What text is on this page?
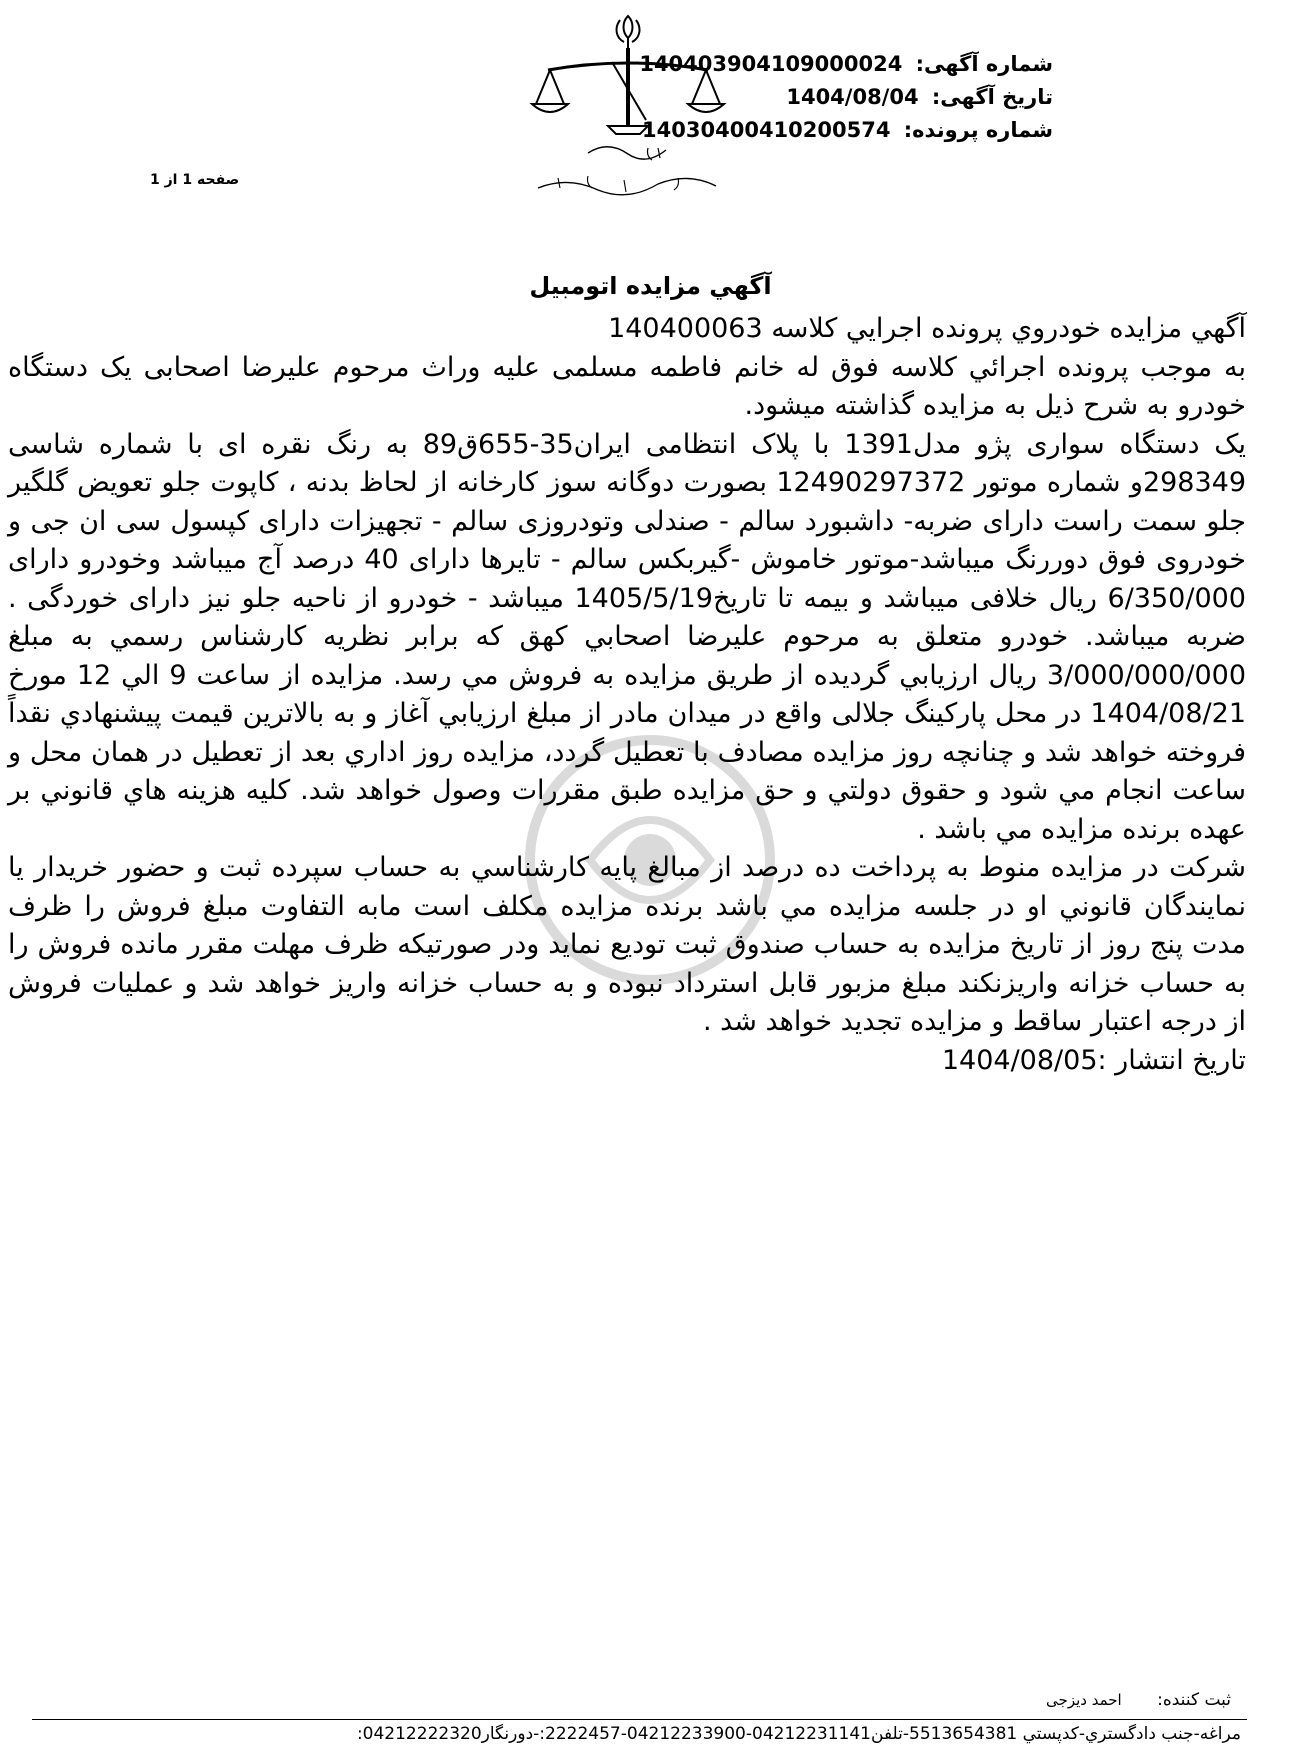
شماره آگهی: 140403904109000024
تاریخ آگهی: 1404/08/04
شماره پرونده: 14030400410200574
صفحه 1 از 1
آگهي مزايده اتومبيل

آگهي مزايده خودروي پرونده اجرايي کلاسه 140400063

به موجب پرونده اجرائي کلاسه فوق له خانم فاطمه مسلمی علیه وراث مرحوم علیرضا اصحابی یک دستگاه خودرو به شرح ذیل به مزایده گذاشته میشود.

یک دستگاه سواری پژو مدل1391 با پلاک انتظامی ایران35-655ق89 به رنگ نقره ای با شماره شاسی 298349و شماره موتور 12490297372 بصورت دوگانه سوز کارخانه از لحاظ بدنه ، کاپوت جلو تعویض گلگیر جلو سمت راست دارای ضربه- داشبورد سالم - صندلی وتودروزی سالم - تجهیزات دارای کپسول سی ان جی و خودروی فوق دوررنگ میباشد-موتور خاموش -گیربکس سالم - تایرها دارای 40 درصد آج میباشد وخودرو دارای 6/350/000 ریال خلافی میباشد و بیمه تا تاریخ1405/5/19 میباشد - خودرو از ناحیه جلو نیز دارای خوردگی . ضربه میباشد. خودرو متعلق به مرحوم علیرضا اصحابي کهق که برابر نظريه کارشناس رسمي به مبلغ 3/000/000/000 ريال ارزيابي گرديده از طريق مزايده به فروش مي رسد. مزايده از ساعت 9 الي 12 مورخ 1404/08/21 در محل پارکینگ جلالی واقع در میدان مادر از مبلغ ارزيابي آغاز و به بالاترين قيمت پيشنهادي نقداً فروخته خواهد شد و چنانچه روز مزايده مصادف با تعطيل گردد، مزايده روز اداري بعد از تعطيل در همان محل و ساعت انجام مي شود و حقوق دولتي و حق مزايده طبق مقررات وصول خواهد شد. کليه هزينه هاي قانوني بر عهده برنده مزايده مي باشد .

شرکت در مزايده منوط به پرداخت ده درصد از مبالغ پايه کارشناسي به حساب سپرده ثبت و حضور خريدار يا نمايندگان قانوني او در جلسه مزايده مي باشد برنده مزايده مکلف است مابه التفاوت مبلغ فروش را ظرف مدت پنج روز از تاريخ مزايده به حساب صندوق ثبت توديع نمايد ودر صورتيکه ظرف مهلت مقرر مانده فروش را به حساب خزانه واريزنکند مبلغ مزبور قابل استرداد نبوده و به حساب خزانه واريز خواهد شد و عمليات فروش از درجه اعتبار ساقط و مزايده تجديد خواهد شد .

تاریخ انتشار :1404/08/05

ثبت کننده: احمد دیزجی
مراغه-جنب دادگستري-کدپستي 5513654381-تلفن04212231141-04212233900-2222457:-دورنگار04212222320:
